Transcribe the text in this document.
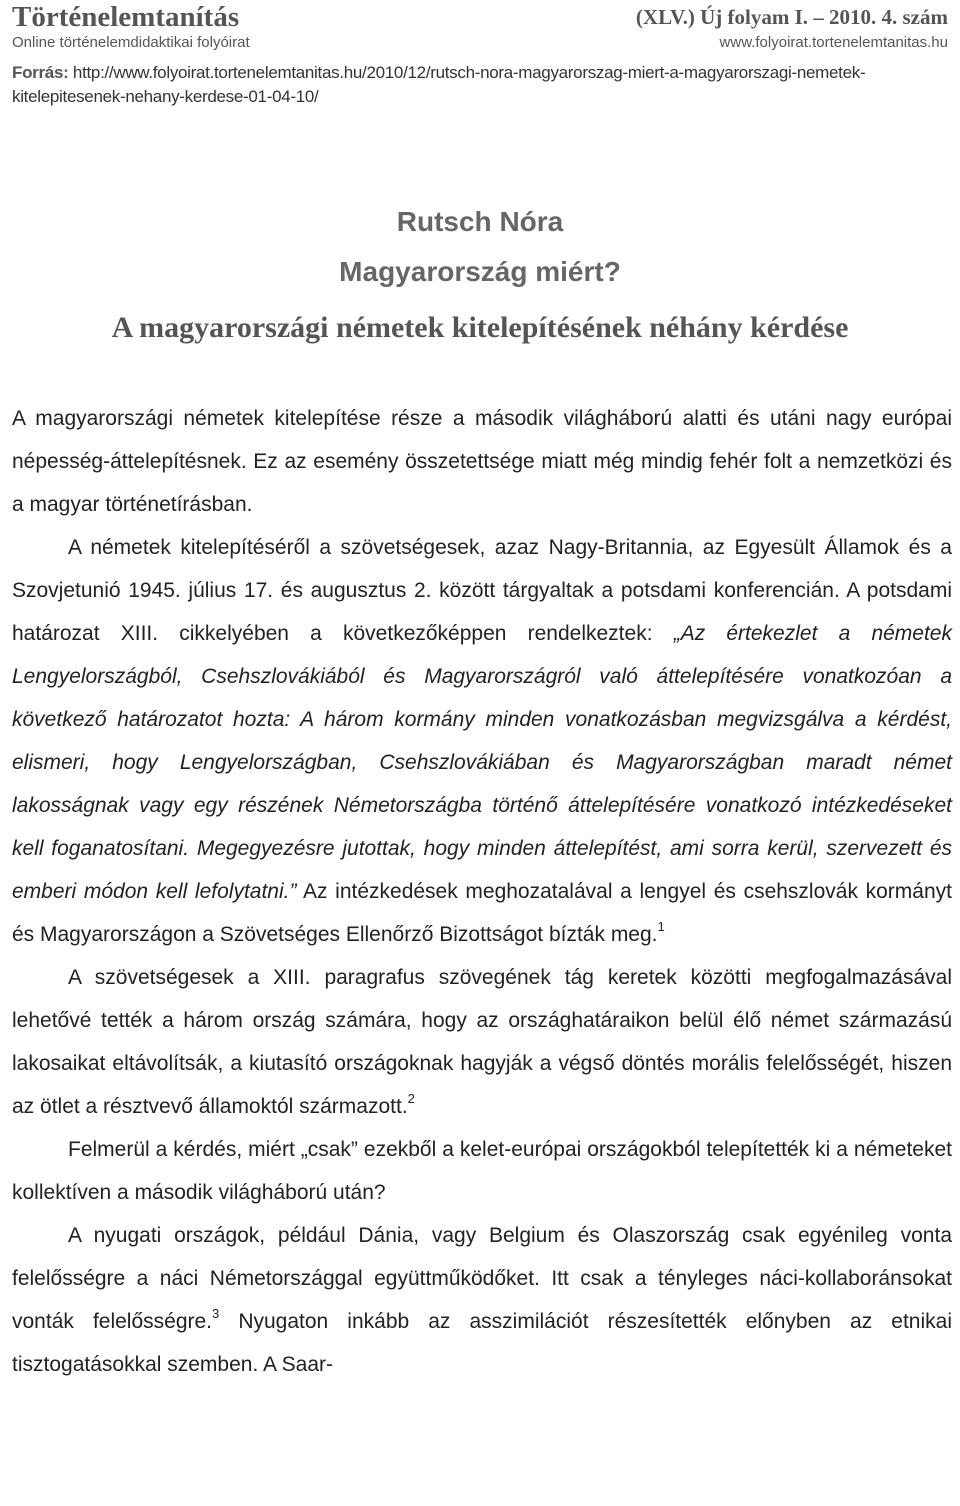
Történelemtanítás	(XLV.) Új folyam I. – 2010. 4. szám
Online történelemdidaktikai folyóirat	www.folyoirat.tortenelemtanitas.hu
Forrás: http://www.folyoirat.tortenelemtanitas.hu/2010/12/rutsch-nora-magyarorszag-miert-a-magyarorszagi-nemetek-kitelepitesenek-nehany-kerdese-01-04-10/
Rutsch Nóra
Magyarország miért?
A magyarországi németek kitelepítésének néhány kérdése

A magyarországi németek kitelepítése része a második világháború alatti és utáni nagy európai népesség-áttelepítésnek. Ez az esemény összetettsége miatt még mindig fehér folt a nemzetközi és a magyar történetírásban.

A németek kitelepítéséről a szövetségesek, azaz Nagy-Britannia, az Egyesült Államok és a Szovjetunió 1945. július 17. és augusztus 2. között tárgyaltak a potsdami konferencián. A potsdami határozat XIII. cikkelyében a következőképpen rendelkeztek: „Az értekezlet a németek Lengyelországból, Csehszlovákiából és Magyarországról való áttelepítésére vonatkozóan a következő határozatot hozta: A három kormány minden vonatkozásban megvizsgálva a kérdést, elismeri, hogy Lengyelországban, Csehszlovákiában és Magyarországban maradt német lakosságnak vagy egy részének Németországba történő áttelepítésére vonatkozó intézkedéseket kell foganatosítani. Megegyezésre jutottak, hogy minden áttelepítést, ami sorra kerül, szervezett és emberi módon kell lefolytatni.” Az intézkedések meghozatalával a lengyel és csehszlovák kormányt és Magyarországon a Szövetséges Ellenőrző Bizottságot bízták meg.$^1$

A szövetségesek a XIII. paragrafus szövegének tág keretek közötti megfogalmazásával lehetővé tették a három ország számára, hogy az országhatáraikon belül élő német származású lakosaikat eltávolítsák, a kiutasító országoknak hagyják a végső döntés morális felelősségét, hiszen az ötlet a résztvevő államoktól származott.$^2$

Felmerül a kérdés, miért „csak” ezekből a kelet-európai országokból telepítették ki a németeket kollektíven a második világháború után?

A nyugati országok, például Dánia, vagy Belgium és Olaszország csak egyénileg vonta felelősségre a náci Németországgal együttműködőket. Itt csak a tényleges náci-kollaboránsokat vonták felelősségre.$^3$ Nyugaton inkább az asszimilációt részesítették előnyben az etnikai tisztogatásokkal szemben. A Saar-
